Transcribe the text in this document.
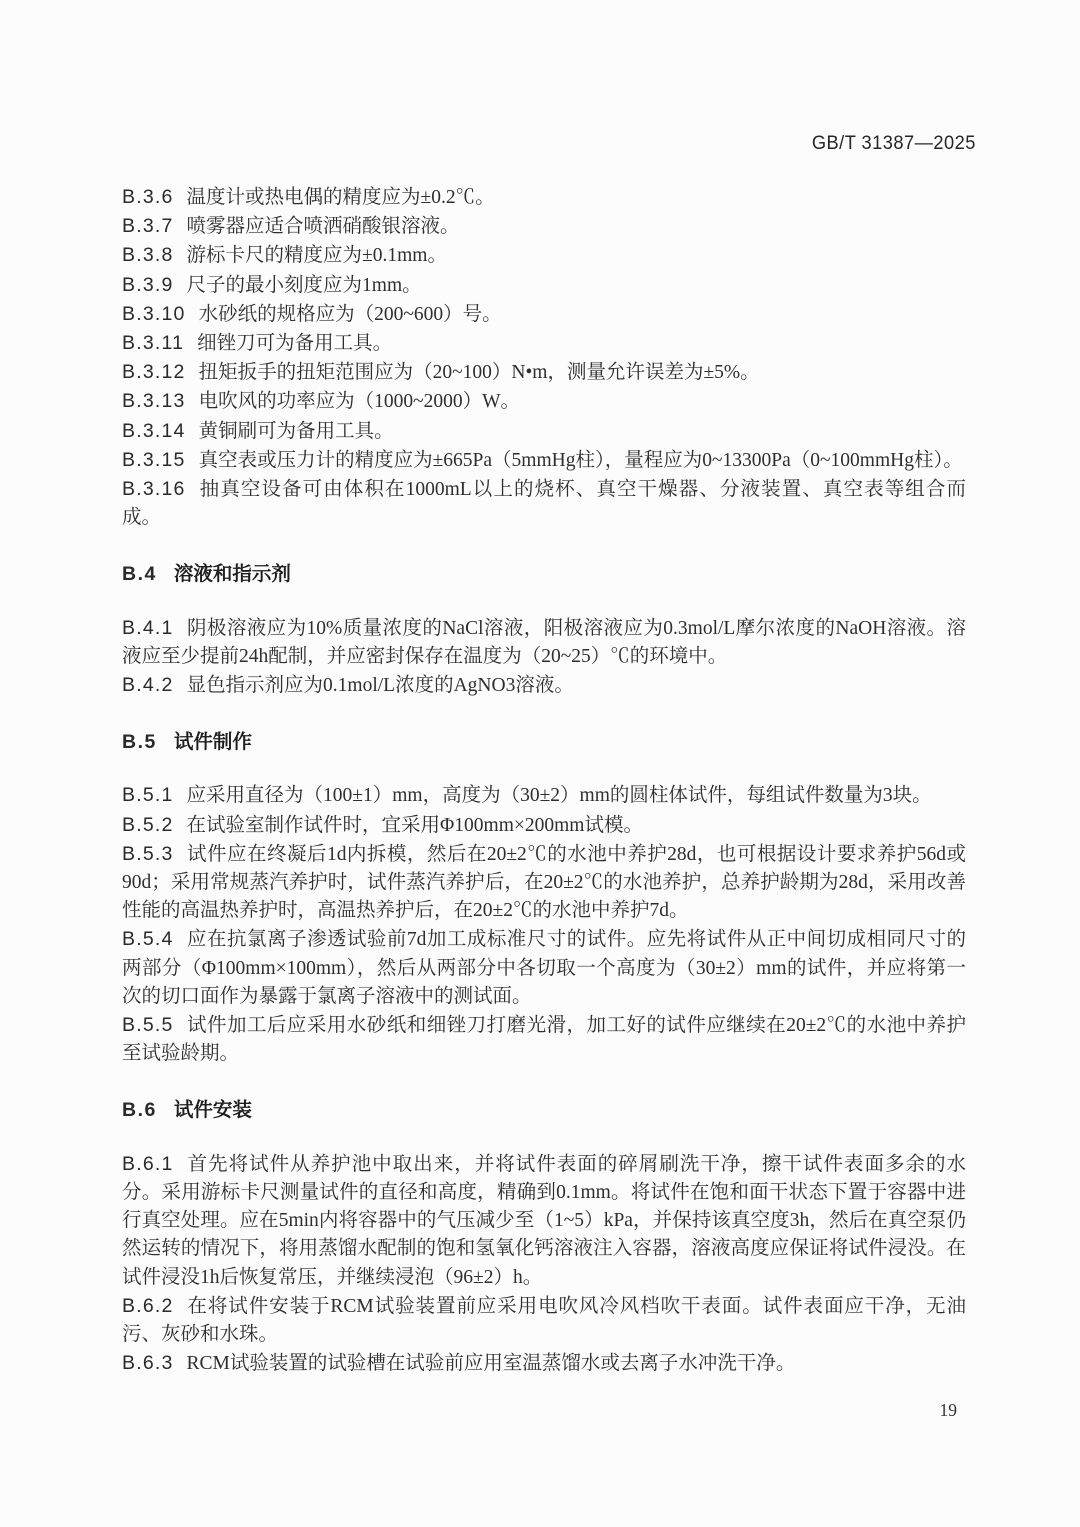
GB/T 31387—2025

B.3.6 温度计或热电偶的精度应为±0.2℃。

B.3.7 喷雾器应适合喷洒硝酸银溶液。

B.3.8 游标卡尺的精度应为±0.1mm。

B.3.9 尺子的最小刻度应为1mm。

B.3.10 水砂纸的规格应为（200~600）号。

B.3.11 细锉刀可为备用工具。

B.3.12 扭矩扳手的扭矩范围应为（20~100）N•m，测量允许误差为±5%。

B.3.13 电吹风的功率应为（1000~2000）W。

B.3.14 黄铜刷可为备用工具。

B.3.15 真空表或压力计的精度应为±665Pa（5mmHg柱），量程应为0~13300Pa（0~100mmHg柱）。

B.3.16 抽真空设备可由体积在1000mL以上的烧杯、真空干燥器、分液装置、真空表等组合而成。

B.4 溶液和指示剂

B.4.1 阴极溶液应为10%质量浓度的NaCl溶液，阳极溶液应为0.3mol/L摩尔浓度的NaOH溶液。溶液应至少提前24h配制，并应密封保存在温度为（20~25）℃的环境中。

B.4.2 显色指示剂应为0.1mol/L浓度的AgNO3溶液。

B.5 试件制作

B.5.1 应采用直径为（100±1）mm，高度为（30±2）mm的圆柱体试件，每组试件数量为3块。

B.5.2 在试验室制作试件时，宜采用Φ100mm×200mm试模。

B.5.3 试件应在终凝后1d内拆模，然后在20±2℃的水池中养护28d，也可根据设计要求养护56d或90d；采用常规蒸汽养护时，试件蒸汽养护后，在20±2℃的水池养护，总养护龄期为28d，采用改善性能的高温热养护时，高温热养护后，在20±2℃的水池中养护7d。

B.5.4 应在抗氯离子渗透试验前7d加工成标准尺寸的试件。应先将试件从正中间切成相同尺寸的两部分（Φ100mm×100mm），然后从两部分中各切取一个高度为（30±2）mm的试件，并应将第一次的切口面作为暴露于氯离子溶液中的测试面。

B.5.5 试件加工后应采用水砂纸和细锉刀打磨光滑，加工好的试件应继续在20±2℃的水池中养护至试验龄期。

B.6 试件安装

B.6.1 首先将试件从养护池中取出来，并将试件表面的碎屑刷洗干净，擦干试件表面多余的水分。采用游标卡尺测量试件的直径和高度，精确到0.1mm。将试件在饱和面干状态下置于容器中进行真空处理。应在5min内将容器中的气压减少至（1~5）kPa，并保持该真空度3h，然后在真空泵仍然运转的情况下，将用蒸馏水配制的饱和氢氧化钙溶液注入容器，溶液高度应保证将试件浸没。在试件浸没1h后恢复常压，并继续浸泡（96±2）h。

B.6.2 在将试件安装于RCM试验装置前应采用电吹风冷风档吹干表面。试件表面应干净，无油污、灰砂和水珠。

B.6.3 RCM试验装置的试验槽在试验前应用室温蒸馏水或去离子水冲洗干净。

19
